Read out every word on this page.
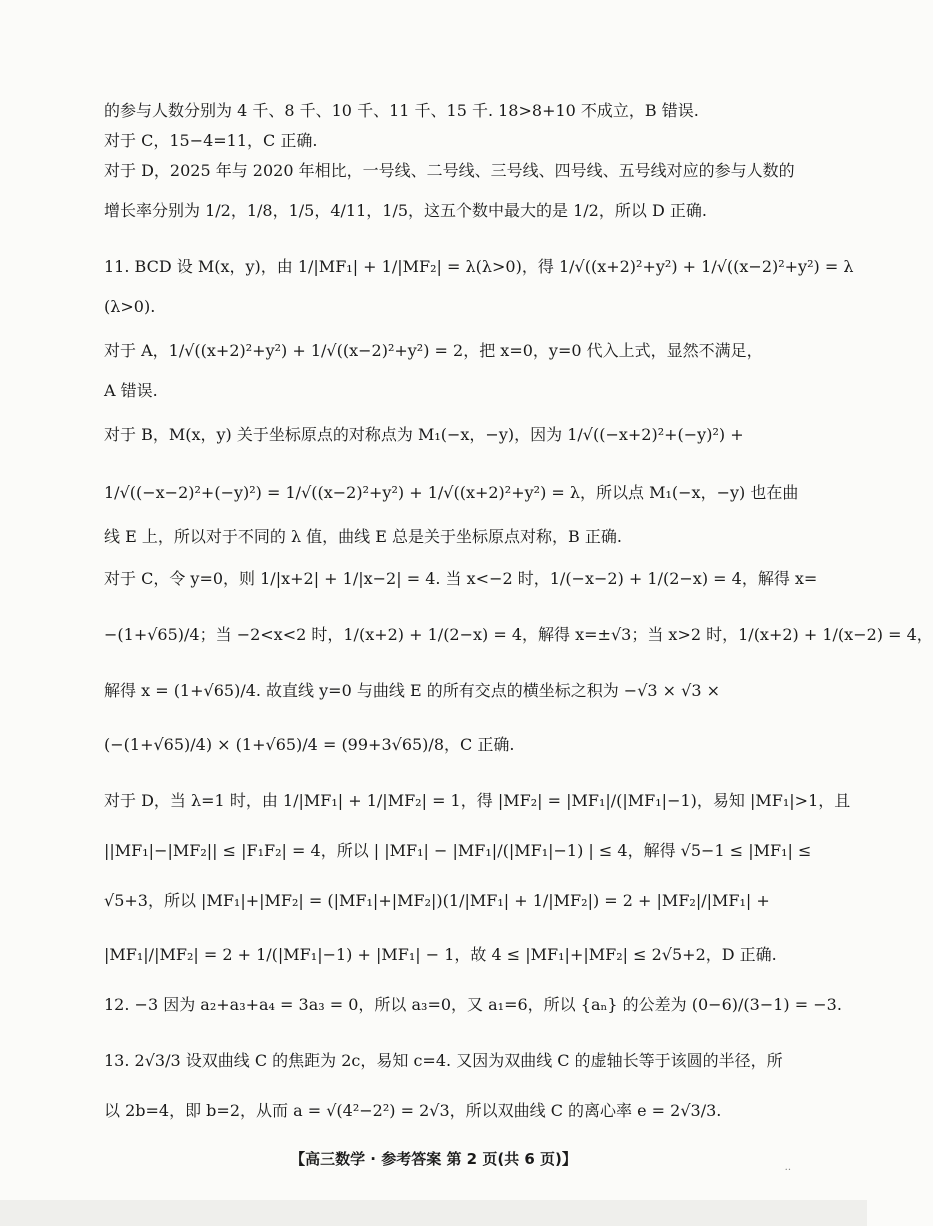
的参与人数分别为 4 千、8 千、10 千、11 千、15 千. 18>8+10 不成立，B 错误.
对于 C，15−4=11，C 正确.
对于 D，2025 年与 2020 年相比，一号线、二号线、三号线、四号线、五号线对应的参与人数的
增长率分别为 1/2，1/8，1/5，4/11，1/5，这五个数中最大的是 1/2，所以 D 正确.
11. BCD 设 M(x，y)，由 1/|MF₁| + 1/|MF₂| = λ(λ>0)，得 1/√((x+2)²+y²) + 1/√((x−2)²+y²) = λ
(λ>0).
对于 A，1/√((x+2)²+y²) + 1/√((x−2)²+y²) = 2，把 x=0，y=0 代入上式，显然不满足，
A 错误.
对于 B，M(x，y) 关于坐标原点的对称点为 M₁(−x，−y)，因为 1/√((−x+2)²+(−y)²) +
1/√((−x−2)²+(−y)²) = 1/√((x−2)²+y²) + 1/√((x+2)²+y²) = λ，所以点 M₁(−x，−y) 也在曲
线 E 上，所以对于不同的 λ 值，曲线 E 总是关于坐标原点对称，B 正确.
对于 C，令 y=0，则 1/|x+2| + 1/|x−2| = 4. 当 x<−2 时，1/(−x−2) + 1/(2−x) = 4，解得 x=
−(1+√65)/4；当 −2<x<2 时，1/(x+2) + 1/(2−x) = 4，解得 x=±√3；当 x>2 时，1/(x+2) + 1/(x−2) = 4，
解得 x = (1+√65)/4. 故直线 y=0 与曲线 E 的所有交点的横坐标之积为 −√3 × √3 ×
(−(1+√65)/4) × (1+√65)/4 = (99+3√65)/8，C 正确.
对于 D，当 λ=1 时，由 1/|MF₁| + 1/|MF₂| = 1，得 |MF₂| = |MF₁|/(|MF₁|−1)，易知 |MF₁|>1，且
||MF₁|−|MF₂|| ≤ |F₁F₂| = 4，所以 | |MF₁| − |MF₁|/(|MF₁|−1) | ≤ 4，解得 √5−1 ≤ |MF₁| ≤
√5+3，所以 |MF₁|+|MF₂| = (|MF₁|+|MF₂|)(1/|MF₁| + 1/|MF₂|) = 2 + |MF₂|/|MF₁| +
|MF₁|/|MF₂| = 2 + 1/(|MF₁|−1) + |MF₁| − 1，故 4 ≤ |MF₁|+|MF₂| ≤ 2√5+2，D 正确.
12. −3 因为 a₂+a₃+a₄ = 3a₃ = 0，所以 a₃=0，又 a₁=6，所以 {aₙ} 的公差为 (0−6)/(3−1) = −3.
13. 2√3/3 设双曲线 C 的焦距为 2c，易知 c=4. 又因为双曲线 C 的虚轴长等于该圆的半径，所
以 2b=4，即 b=2，从而 a = √(4²−2²) = 2√3，所以双曲线 C 的离心率 e = 2√3/3.
【高三数学 · 参考答案 第 2 页(共 6 页)】	..
